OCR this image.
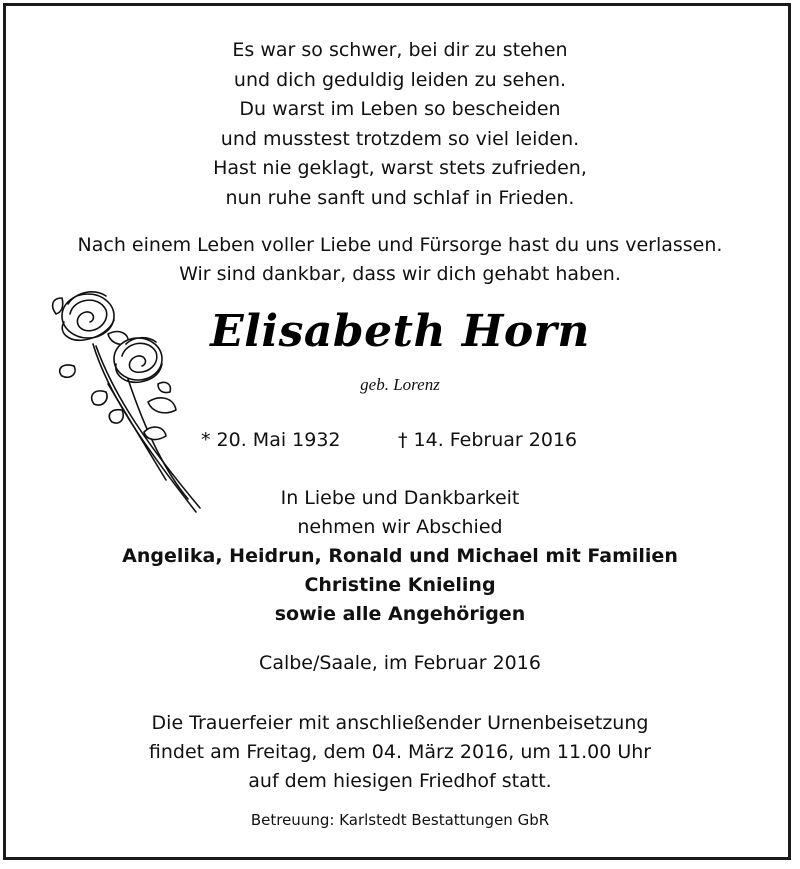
Es war so schwer, bei dir zu stehen
und dich geduldig leiden zu sehen.
Du warst im Leben so bescheiden
und musstest trotzdem so viel leiden.
Hast nie geklagt, warst stets zufrieden,
nun ruhe sanft und schlaf in Frieden.
Nach einem Leben voller Liebe und Fürsorge hast du uns verlassen.
Wir sind dankbar, dass wir dich gehabt haben.
Elisabeth Horn
geb. Lorenz
* 20. Mai 1932	† 14. Februar 2016
In Liebe und Dankbarkeit
nehmen wir Abschied
Angelika, Heidrun, Ronald und Michael mit Familien
Christine Knieling
sowie alle Angehörigen
Calbe/Saale, im Februar 2016
Die Trauerfeier mit anschließender Urnenbeisetzung
findet am Freitag, dem 04. März 2016, um 11.00 Uhr
auf dem hiesigen Friedhof statt.
Betreuung: Karlstedt Bestattungen GbR
